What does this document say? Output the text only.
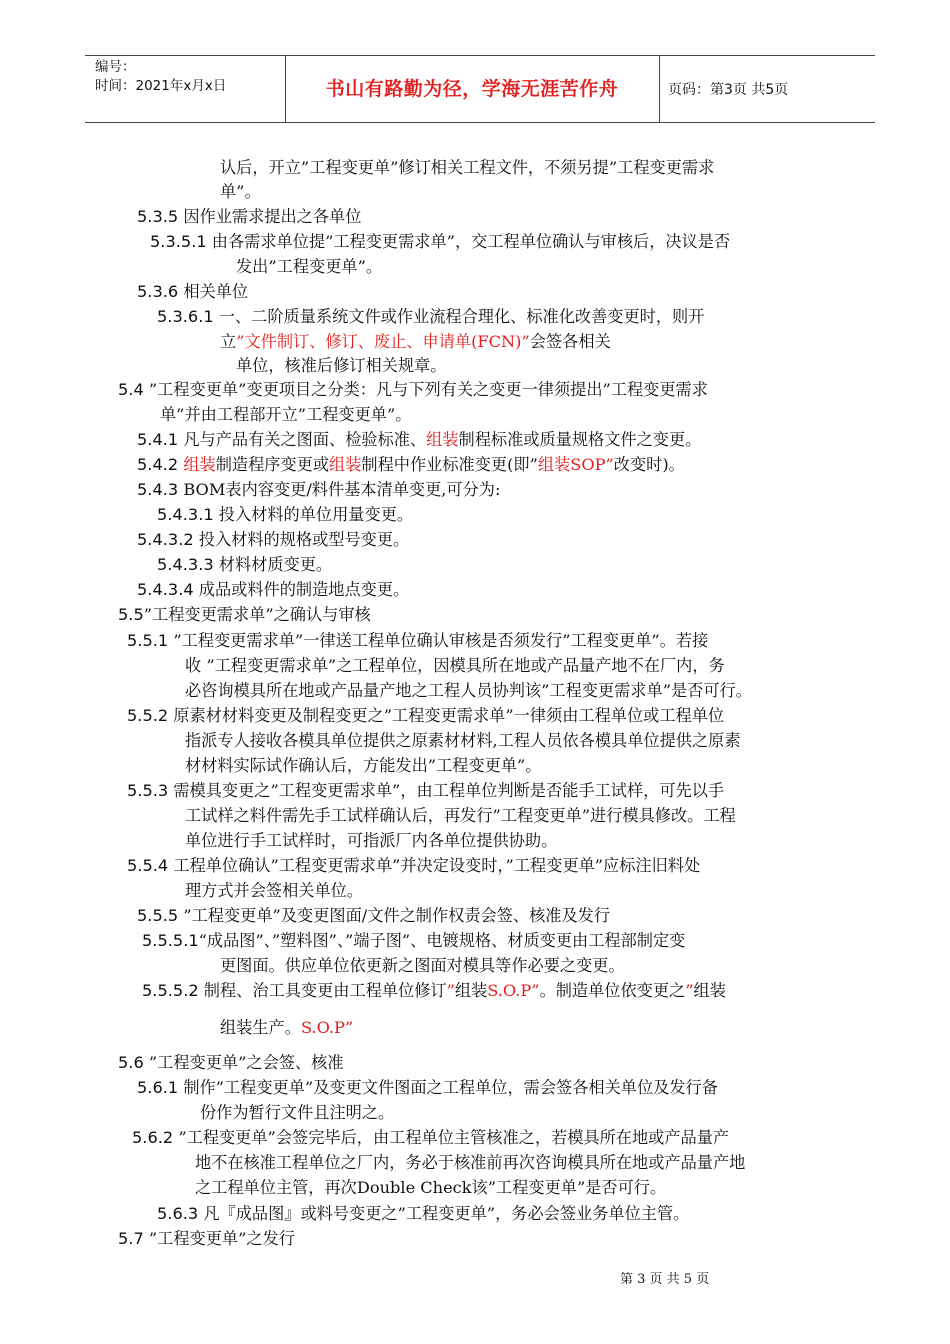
编号：
时间：2021年x月x日	书山有路勤为径，学海无涯苦作舟	页码：第3页 共5页
认后，开立”工程变更单”修订相关工程文件，不须另提”工程变更需求
单”。
5.3.5 因作业需求提出之各单位
5.3.5.1 由各需求单位提”工程变更需求单”，交工程单位确认与审核后，决议是否
发出”工程变更单”。
5.3.6 相关单位
5.3.6.1 一、二阶质量系统文件或作业流程合理化、标准化改善变更时，则开
立”文件制订、修订、废止、申请单(FCN)”会签各相关
单位，核准后修订相关规章。
5.4 ”工程变更单”变更项目之分类：凡与下列有关之变更一律须提出”工程变更需求
单”并由工程部开立”工程变更单”。
5.4.1 凡与产品有关之图面、检验标准、组装制程标准或质量规格文件之变更。
5.4.2 组装制造程序变更或组装制程中作业标准变更(即”组装SOP”改变时)。
5.4.3 BOM表内容变更/料件基本清单变更,可分为:
5.4.3.1 投入材料的单位用量变更。
5.4.3.2 投入材料的规格或型号变更。
5.4.3.3 材料材质变更。
5.4.3.4 成品或料件的制造地点变更。
5.5”工程变更需求单”之确认与审核
5.5.1 ”工程变更需求单”一律送工程单位确认审核是否须发行”工程变更单”。若接
收 ”工程变更需求单”之工程单位，因模具所在地或产品量产地不在厂内，务
必咨询模具所在地或产品量产地之工程人员协判该”工程变更需求单”是否可行。
5.5.2 原素材材料变更及制程变更之”工程变更需求单”一律须由工程单位或工程单位
指派专人接收各模具单位提供之原素材材料,工程人员依各模具单位提供之原素
材材料实际试作确认后，方能发出”工程变更单”。
5.5.3 需模具变更之”工程变更需求单”，由工程单位判断是否能手工试样，可先以手
工试样之料件需先手工试样确认后，再发行”工程变更单”进行模具修改。工程
单位进行手工试样时，可指派厂内各单位提供协助。
5.5.4 工程单位确认”工程变更需求单”并决定设变时，”工程变更单”应标注旧料处
理方式并会签相关单位。
5.5.5 ”工程变更单”及变更图面/文件之制作权责会签、核准及发行
5.5.5.1“成品图”、”塑料图”、”端子图”、电镀规格、材质变更由工程部制定变
更图面。供应单位依更新之图面对模具等作必要之变更。
5.5.5.2 制程、治工具变更由工程单位修订”组装S.O.P”。制造单位依变更之”组装
组装生产。S.O.P”
5.6 ”工程变更单”之会签、核准
5.6.1 制作”工程变更单”及变更文件图面之工程单位，需会签各相关单位及发行备
份作为暂行文件且注明之。
5.6.2 ”工程变更单”会签完毕后，由工程单位主管核准之，若模具所在地或产品量产
地不在核准工程单位之厂内，务必于核准前再次咨询模具所在地或产品量产地
之工程单位主管，再次Double Check该”工程变更单”是否可行。
5.6.3 凡『成品图』或料号变更之”工程变更单”，务必会签业务单位主管。
5.7 ”工程变更单”之发行
第 3 页 共 5 页
